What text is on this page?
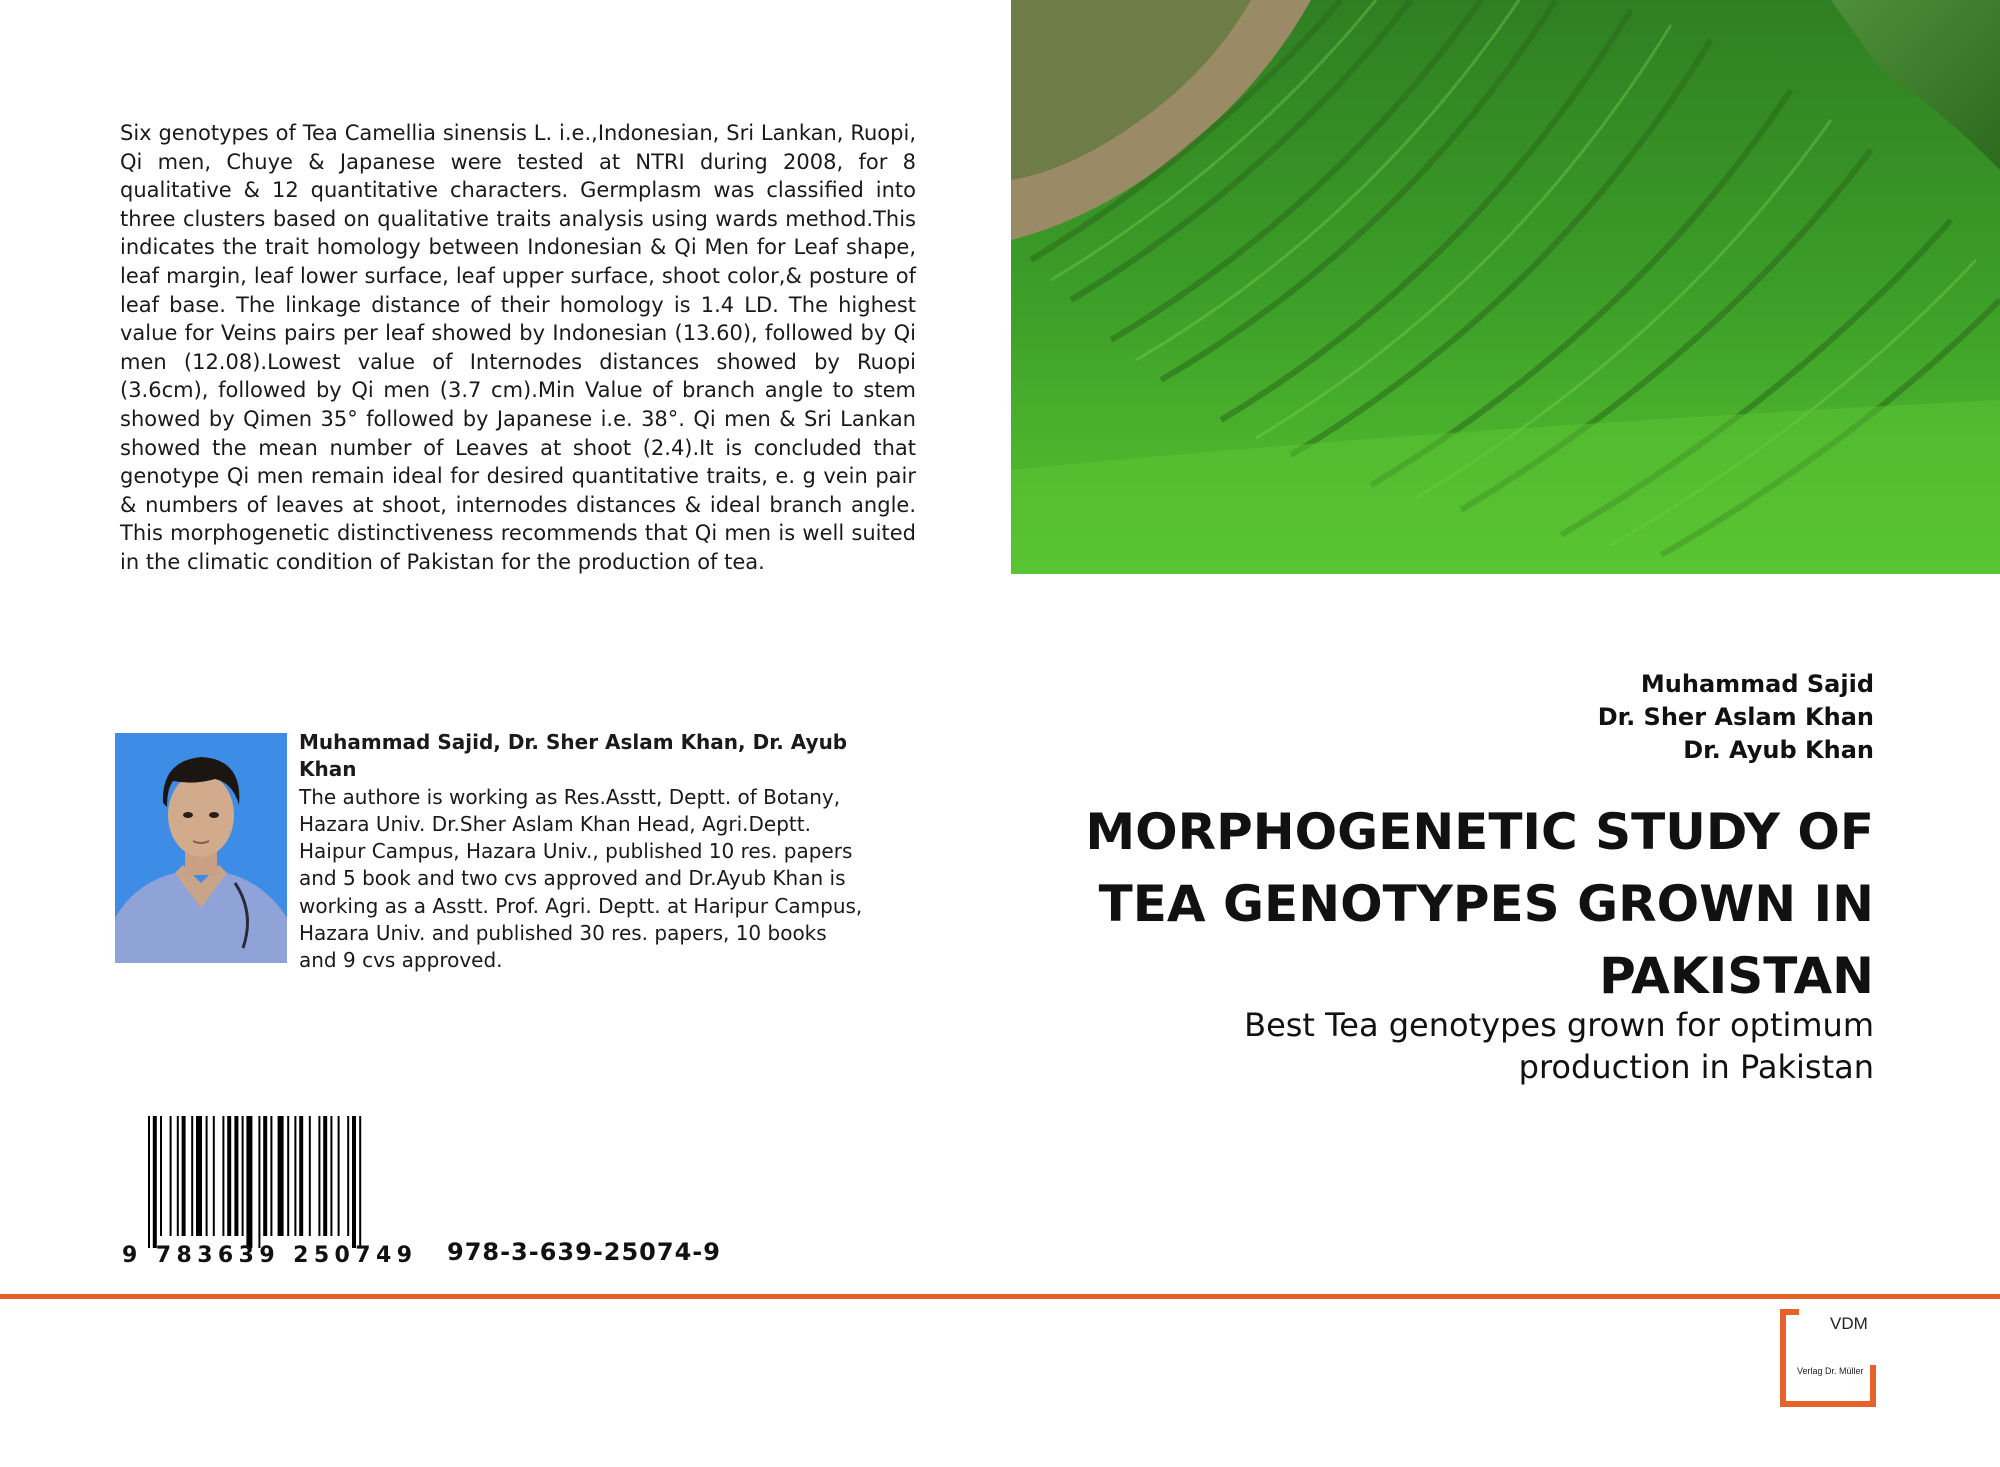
Six genotypes of Tea Camellia sinensis L. i.e.,Indonesian, Sri Lankan, Ruopi, Qi men, Chuye & Japanese were tested at NTRI during 2008, for 8 qualitative & 12 quantitative characters. Germplasm was classified into three clusters based on qualitative traits analysis using wards method.This indicates the trait homology between Indonesian & Qi Men for Leaf shape, leaf margin, leaf lower surface, leaf upper surface, shoot color,& posture of leaf base. The linkage distance of their homology is 1.4 LD. The highest value for Veins pairs per leaf showed by Indonesian (13.60), followed by Qi men (12.08).Lowest value of Internodes distances showed by Ruopi (3.6cm), followed by Qi men (3.7 cm).Min Value of branch angle to stem showed by Qimen 35° followed by Japanese i.e. 38°. Qi men & Sri Lankan showed the mean number of Leaves at shoot (2.4).It is concluded that genotype Qi men remain ideal for desired quantitative traits, e. g vein pair & numbers of leaves at shoot, internodes distances & ideal branch angle. This morphogenetic distinctiveness recommends that Qi men is well suited in the climatic condition of Pakistan for the production of tea.

Muhammad Sajid, Dr. Sher Aslam Khan, Dr. Ayub Khan
The authore is working as Res.Asstt, Deptt. of Botany, Hazara Univ. Dr.Sher Aslam Khan Head, Agri.Deptt. Haipur Campus, Hazara Univ., published 10 res. papers and 5 book and two cvs approved and Dr.Ayub Khan is working as a Asstt. Prof. Agri. Deptt. at Haripur Campus, Hazara Univ. and published 30 res. papers, 10 books and 9 cvs approved.
9 783639 250749 978-3-639-25074-9
Muhammad Sajid
Dr. Sher Aslam Khan
Dr. Ayub Khan
MORPHOGENETIC STUDY OF TEA GENOTYPES GROWN IN PAKISTAN

Best Tea genotypes grown for optimum production in Pakistan

VDM
Verlag Dr. Müller
